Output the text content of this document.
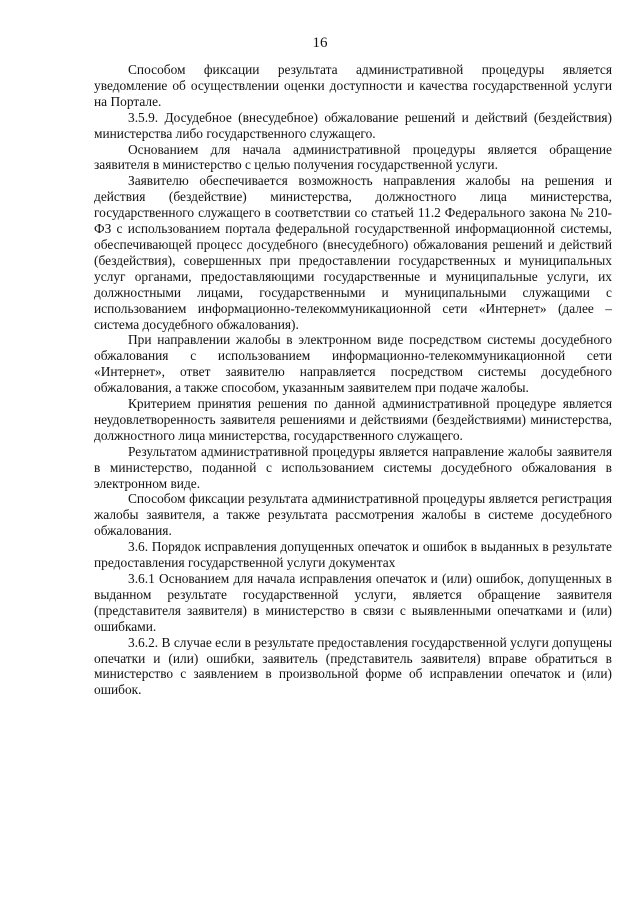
16

Способом фиксации результата административной процедуры является уведомление об осуществлении оценки доступности и качества государственной услуги на Портале.

3.5.9. Досудебное (внесудебное) обжалование решений и действий (бездействия) министерства либо государственного служащего.

Основанием для начала административной процедуры является обращение заявителя в министерство с целью получения государственной услуги.

Заявителю обеспечивается возможность направления жалобы на решения и действия (бездействие) министерства, должностного лица министерства, государственного служащего в соответствии со статьей 11.2 Федерального закона № 210-ФЗ с использованием портала федеральной государственной информационной системы, обеспечивающей процесс досудебного (внесудебного) обжалования решений и действий (бездействия), совершенных при предоставлении государственных и муниципальных услуг органами, предоставляющими государственные и муниципальные услуги, их должностными лицами, государственными и муниципальными служащими с использованием информационно-телекоммуникационной сети «Интернет» (далее – система досудебного обжалования).

При направлении жалобы в электронном виде посредством системы досудебного обжалования с использованием информационно-телекоммуникационной сети «Интернет», ответ заявителю направляется посредством системы досудебного обжалования, а также способом, указанным заявителем при подаче жалобы.

Критерием принятия решения по данной административной процедуре является неудовлетворенность заявителя решениями и действиями (бездействиями) министерства, должностного лица министерства, государственного служащего.

Результатом административной процедуры является направление жалобы заявителя в министерство, поданной с использованием системы досудебного обжалования в электронном виде.

Способом фиксации результата административной процедуры является регистрация жалобы заявителя, а также результата рассмотрения жалобы в системе досудебного обжалования.

3.6. Порядок исправления допущенных опечаток и ошибок в выданных в результате предоставления государственной услуги документах

3.6.1 Основанием для начала исправления опечаток и (или) ошибок, допущенных в выданном результате государственной услуги, является обращение заявителя (представителя заявителя) в министерство в связи с выявленными опечатками и (или) ошибками.

3.6.2. В случае если в результате предоставления государственной услуги допущены опечатки и (или) ошибки, заявитель (представитель заявителя) вправе обратиться в министерство с заявлением в произвольной форме об исправлении опечаток и (или) ошибок.
